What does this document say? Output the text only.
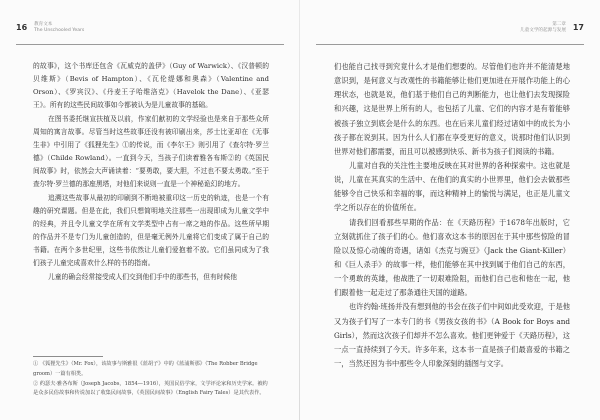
16 教育文本
The Unschooled Years

的故事》，这个书库还包含《瓦威克的盖伊》（Guy of Warwick）、《汉普顿的贝维斯》（Bevis of Hampton）、《瓦伦缇娜和奥森》（Valentine and Orson）、《罗宾汉》、《丹麦王子哈维洛克》（Havelok the Dane）、《亚瑟王》。所有的这些民间故事如今都被认为是儿童故事的基础。

在图书委托继宣扶植及以前，作家们献初的文学经验也是来自于那些众所周知的寓言故事。尽管当时这些故事还没有被印刷出来，莎士比亚却在《无事生非》中引用了《狐狸先生》①的传说，而《李尔王》则引用了《查尔特·罗兰德》（Childe Rowland）。一直到今天，当孩子们读着雅各布斯②的《英国民间故事》时，依然会大声诵读着：“要勇敢，要大胆，不过也不要太勇敢。”至于查尔特·罗兰德的那座黑塔，对他们来说则一直是一个神秘诡幻的地方。

追溯这些故事从最初的印刷到不断地被重印这一历史的轨迹，也是一个有趣的研究课题。但是在此，我们只想简明地关注那些一出现即成为儿童文学中的经典，并且令儿童文学在所有文学类型中占有一席之地的作品。这些所早期的作品并不是专门为儿童创造的，但是毫无例外儿童将它们变成了属于自己的书籍。在两个多世纪里，这些书依然让儿童们爱抱着不放。它们虽同成为了我们孩子儿童完成喜欢什么样的书的指南。

儿童的确会经常接受成人们交到他们手中的那些书，但有时候他

① 《狐狸先生》（Mr. Fox），该故事与斯雅很《蓝胡子》中的《蓝浦斯那》（The Robber Bridge groom）一篇有相类。

② 约瑟夫·雅各布斯（Joseph Jacobs，1854—1916），英国民俗学家，文学评论家和历史学家。被约是众多民俗故事和传说加以了收集民间故事，《英国民间故事》（English Fairy Tales）是其代表作。

第二章
儿童文学的起源与发展 17

们也能自己找寻到究竟什么才是他们想要的。尽管他们也许并不能清楚地意识到，是何意义与改观性的书籍能够让他们更加进在开展作功能上的心理状态，也就是说，他们基于他们自己的判断能力，也让他们去发现探险和兴趣，这是世界上所有的人，也包括了儿童、它们的内容才是有着能够被孩子独立到底会是什么的东西。也在后来儿童们经过诸如中的成长为小孩子都在说到其。因为什么人们都在享受更好的意义，说那时他们认识到世界对他们都需要，而且可以被感到快乐、新书为孩子们阅读的书籍。

儿童对自我的关注性主要地反映在其对世界的各种探索中。这也就是说，儿童在其真实的生活中、在他们的真实的小世界里，他们会去做那些能够令自己快乐和幸福的事，而这种精神上的愉悦与满足，也正是儿童文学之所以存在的价值所在。

请我们回看那些早期的作品：在《天路历程》于1678年出版时，它立刻就抓住了孩子们的心。他们喜欢这本书的原因在于其中那些惊险的冒险以及惊心动魄的奇遇，诸如《杰克与豌豆》（Jack the Giant-Killer）和《巨人杀手》的故事一样，他们能够在其中找到属于他们自己的东西，一个勇敢的英雄，他战胜了一切艰难险阻，而他们自己也和他在一起，他们跟着他一起走过了那条通往天国的道路。

也许约翰·班扬并没有想到他的书会在孩子们中间如此受欢迎，于是他又为孩子们写了一本专门的书《男孩女孩的书》（A Book for Boys and Girls），然而这次孩子们却并不怎么喜欢。他们更钟爱于《天路历程》，这一点一直持续到了今天。许多年来，这本书一直是孩子们最喜爱的书籍之一，当然还因为书中那些令人印象深刻的插图与文字。
